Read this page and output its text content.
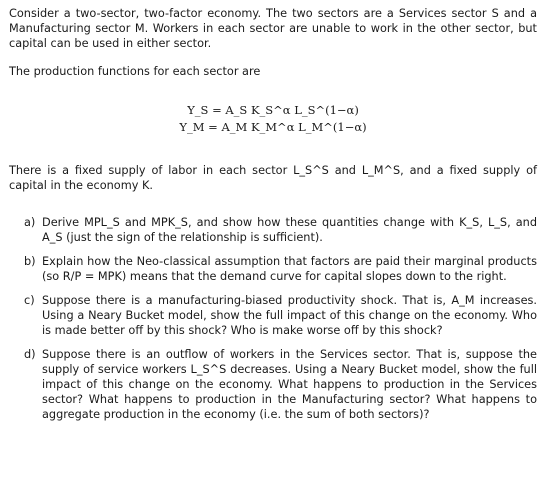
Consider a two-sector, two-factor economy. The two sectors are a Services sector S and a Manufacturing sector M. Workers in each sector are unable to work in the other sector, but capital can be used in either sector.

The production functions for each sector are

Y_S = A_S K_S^α L_S^(1−α)
Y_M = A_M K_M^α L_M^(1−α)

There is a fixed supply of labor in each sector L_S^S and L_M^S, and a fixed supply of capital in the economy K.

a) Derive MPL_S and MPK_S, and show how these quantities change with K_S, L_S, and A_S (just the sign of the relationship is sufficient).
b) Explain how the Neo-classical assumption that factors are paid their marginal products (so R/P = MPK) means that the demand curve for capital slopes down to the right.
c) Suppose there is a manufacturing-biased productivity shock. That is, A_M increases. Using a Neary Bucket model, show the full impact of this change on the economy. Who is made better off by this shock? Who is make worse off by this shock?
d) Suppose there is an outflow of workers in the Services sector. That is, suppose the supply of service workers L_S^S decreases. Using a Neary Bucket model, show the full impact of this change on the economy. What happens to production in the Services sector? What happens to production in the Manufacturing sector? What happens to aggregate production in the economy (i.e. the sum of both sectors)?
